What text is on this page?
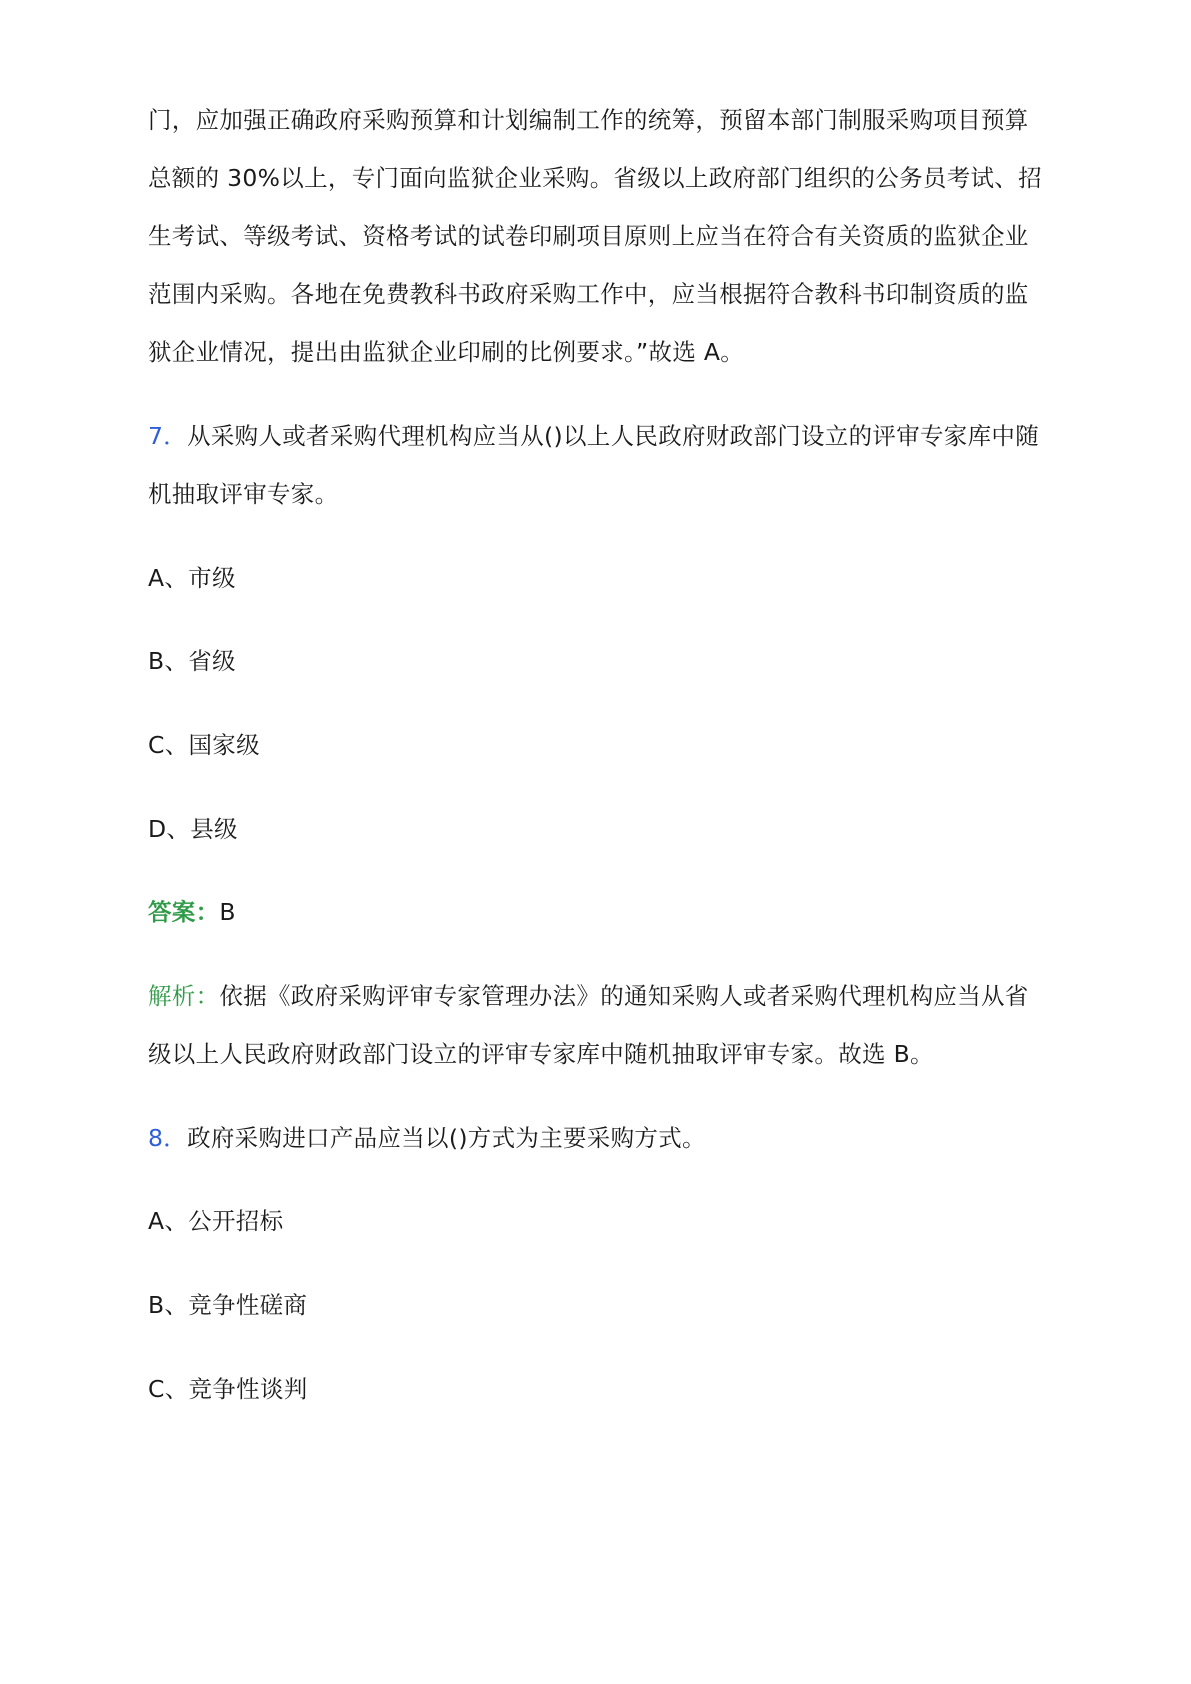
门，应加强正确政府采购预算和计划编制工作的统筹，预留本部门制服采购项目预算
总额的 30%以上，专门面向监狱企业采购。省级以上政府部门组织的公务员考试、招
生考试、等级考试、资格考试的试卷印刷项目原则上应当在符合有关资质的监狱企业
范围内采购。各地在免费教科书政府采购工作中，应当根据符合教科书印制资质的监
狱企业情况，提出由监狱企业印刷的比例要求。”故选 A。
7．从采购人或者采购代理机构应当从()以上人民政府财政部门设立的评审专家库中随
机抽取评审专家。
A、市级
B、省级
C、国家级
D、县级
答案：B
解析：依据《政府采购评审专家管理办法》的通知采购人或者采购代理机构应当从省
级以上人民政府财政部门设立的评审专家库中随机抽取评审专家。故选 B。
8．政府采购进口产品应当以()方式为主要采购方式。
A、公开招标
B、竞争性磋商
C、竞争性谈判
